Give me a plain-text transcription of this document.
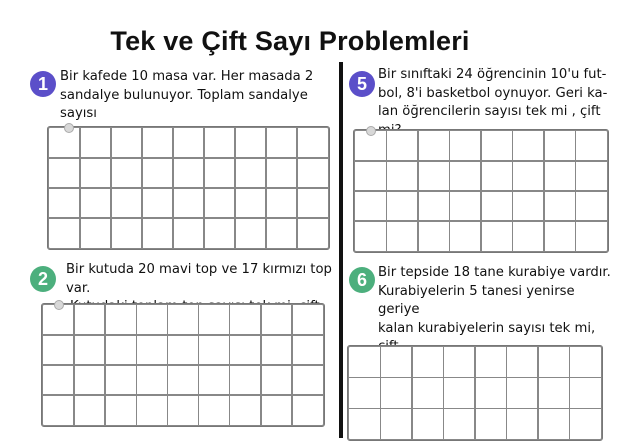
Tek ve Çift Sayı Problemleri
1 Bir kafede 10 masa var. Her masada 2
sandalye bulunuyor. Toplam sandalye sayısı
2	Bir kutuda 20 mavi top ve 17 kırmızı top var.
5 Bir sınıftaki 24 öğrencinin 10'u fut-
bol, 8'i basketbol oynuyor. Geri ka-
lan öğrencilerin sayısı tek mi , çift
6 Bir tepside 18 tane kurabiye vardır.
Kurabiyelerin 5 tanesi yenirse geriye
kalan kurabiyelerin sayısı tek mi,
